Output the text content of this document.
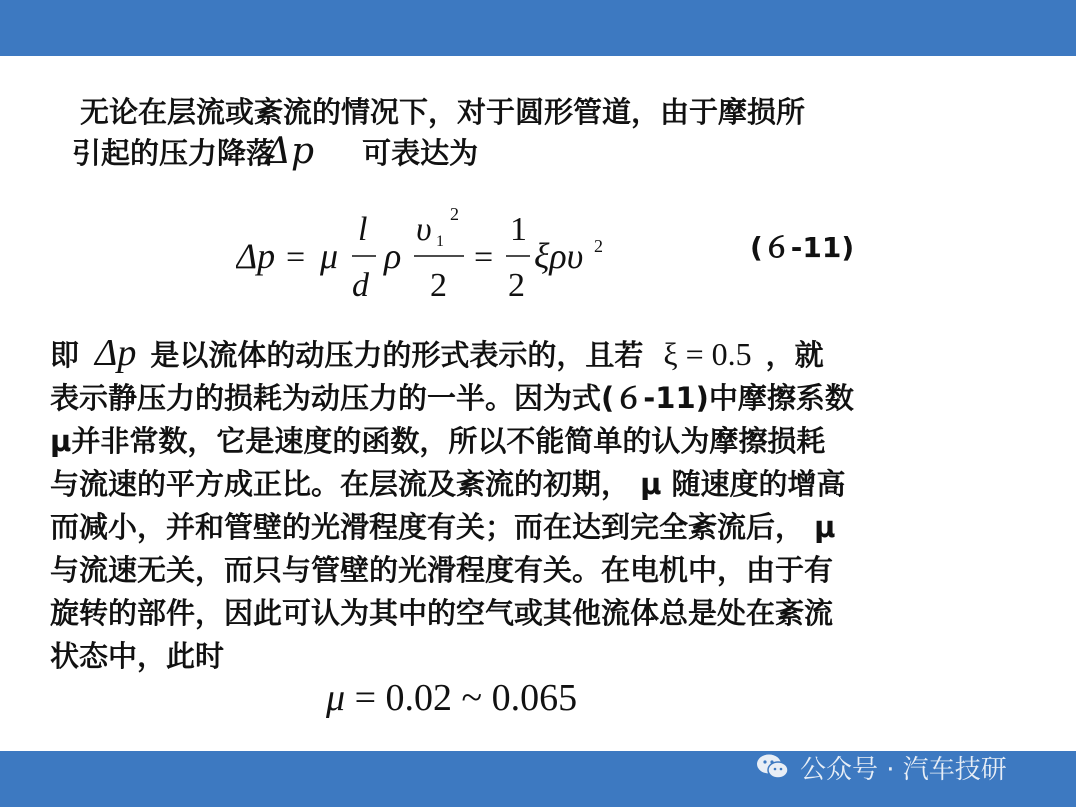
无论在层流或紊流的情况下，对于圆形管道，由于摩损所
引起的压力降落Δp 可表达为
Δp = μ
l
d
ρ
υ 1
2
2
=
1
2
ξρυ 2	(６-11)
即 Δp 是以流体的动压力的形式表示的，且若 ξ = 0.5 ，就
表示静压力的损耗为动压力的一半。因为式(６-11)中摩擦系数
μ并非常数，它是速度的函数，所以不能简单的认为摩擦损耗
与流速的平方成正比。在层流及紊流的初期， μ 随速度的增高
而减小，并和管壁的光滑程度有关；而在达到完全紊流后， μ
与流速无关，而只与管壁的光滑程度有关。在电机中，由于有
旋转的部件，因此可认为其中的空气或其他流体总是处在紊流
状态中，此时
μ = 0.02 ~ 0.065
公众号 · 汽车技研
